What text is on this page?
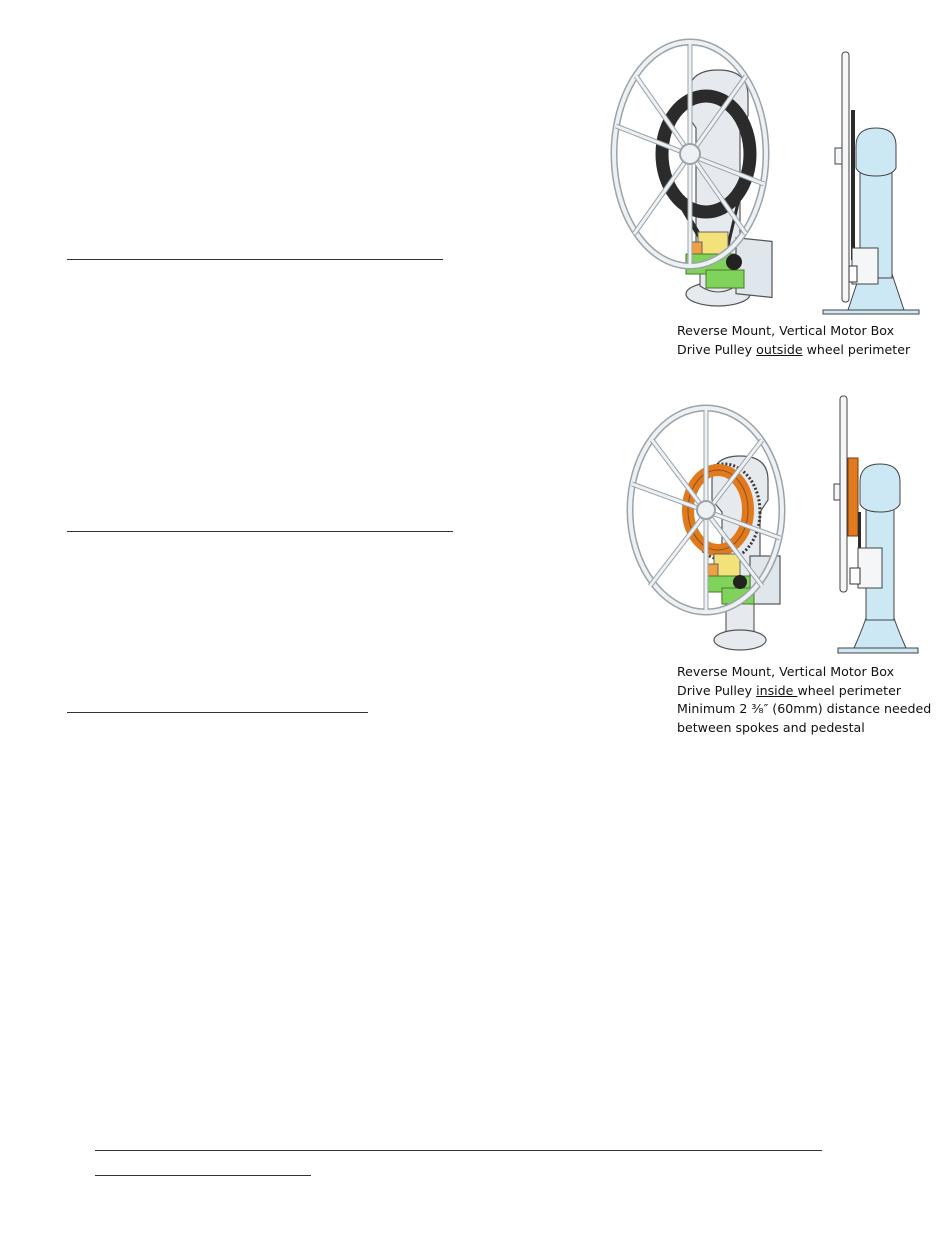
Reverse Mount, Vertical Motor Box
Drive Pulley outside wheel perimeter
Reverse Mount, Vertical Motor Box
Drive Pulley inside wheel perimeter
Minimum 2 ³⁄₈″ (60mm) distance needed
between spokes and pedestal
